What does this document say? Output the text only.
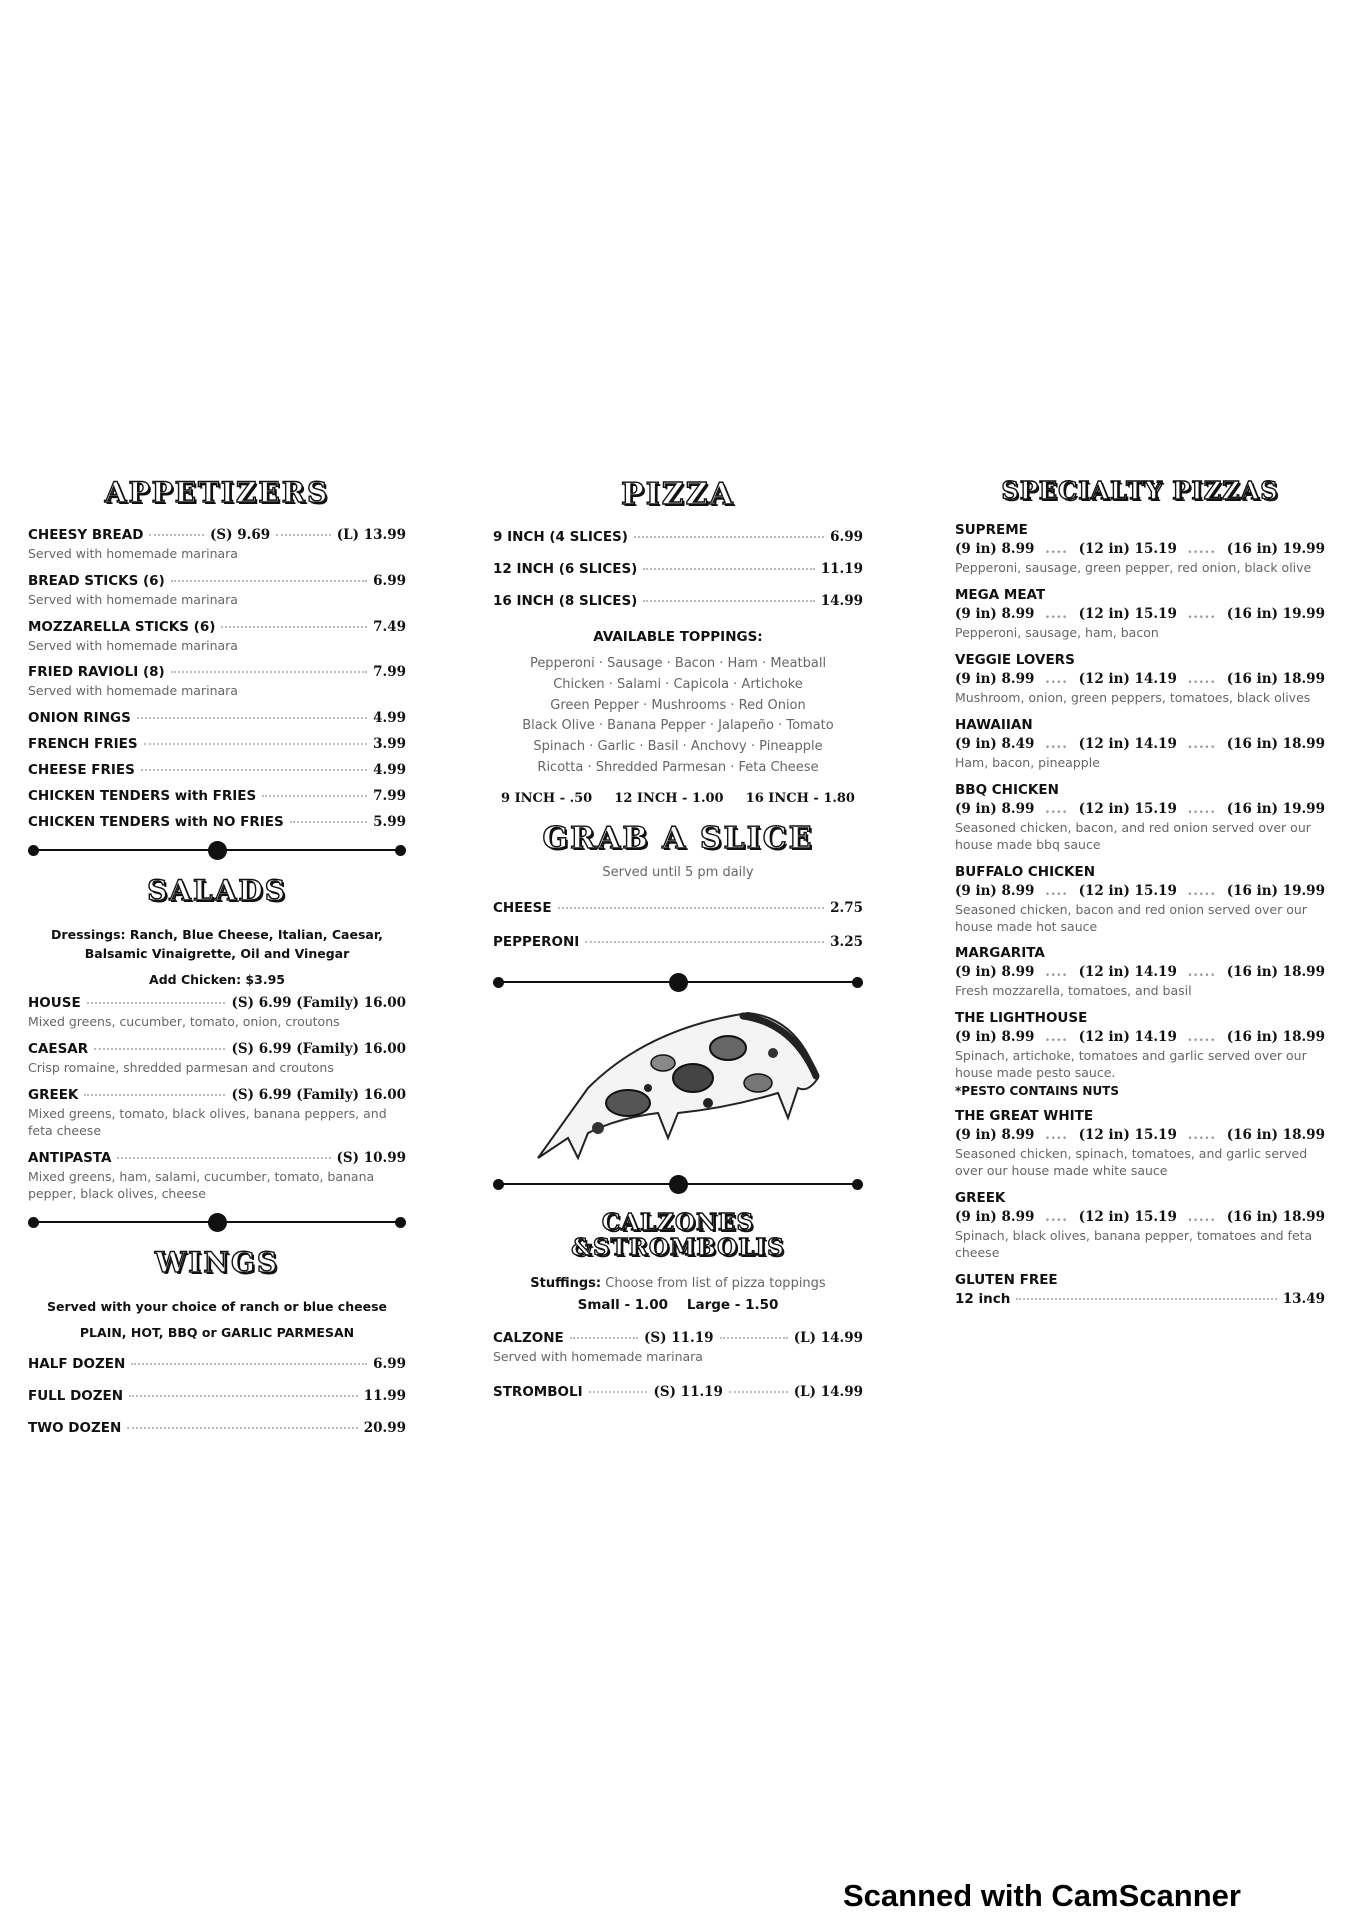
APPETIZERS
CHEESY BREAD	(S) 9.69	(L) 13.99
Served with homemade marinara
BREAD STICKS (6)	6.99
Served with homemade marinara
MOZZARELLA STICKS (6)	7.49
Served with homemade marinara
FRIED RAVIOLI (8)	7.99
Served with homemade marinara
ONION RINGS	4.99
FRENCH FRIES	3.99
CHEESE FRIES	4.99
CHICKEN TENDERS with FRIES	7.99
CHICKEN TENDERS with NO FRIES	5.99
SALADS
Dressings: Ranch, Blue Cheese, Italian, Caesar, Balsamic Vinaigrette, Oil and Vinegar
Add Chicken: $3.95
HOUSE	(S) 6.99 (Family) 16.00
Mixed greens, cucumber, tomato, onion, croutons
CAESAR	(S) 6.99 (Family) 16.00
Crisp romaine, shredded parmesan and croutons
GREEK	(S) 6.99 (Family) 16.00
Mixed greens, tomato, black olives, banana peppers, and feta cheese
ANTIPASTA	(S) 10.99
Mixed greens, ham, salami, cucumber, tomato, banana pepper, black olives, cheese
WINGS
Served with your choice of ranch or blue cheese
PLAIN, HOT, BBQ or GARLIC PARMESAN
HALF DOZEN	6.99
FULL DOZEN	11.99
TWO DOZEN	20.99
PIZZA
9 INCH (4 SLICES)	6.99
12 INCH (6 SLICES)	11.19
16 INCH (8 SLICES)	14.99
AVAILABLE TOPPINGS:
Pepperoni · Sausage · Bacon · Ham · Meatball
Chicken · Salami · Capicola · Artichoke
Green Pepper · Mushrooms · Red Onion
Black Olive · Banana Pepper · Jalapeño · Tomato
Spinach · Garlic · Basil · Anchovy · Pineapple
Ricotta · Shredded Parmesan · Feta Cheese
9 INCH - .50 12 INCH - 1.00 16 INCH - 1.80
GRAB A SLICE
Served until 5 pm daily
CHEESE	2.75
PEPPERONI	3.25
CALZONES
&STROMBOLIS
Stuffings: Choose from list of pizza toppings
Small - 1.00    Large - 1.50
CALZONE	(S) 11.19	(L) 14.99
Served with homemade marinara
STROMBOLI	(S) 11.19	(L) 14.99
SPECIALTY PIZZAS
SUPREME
(9 in) 8.99 .... (12 in) 15.19 ..... (16 in) 19.99
Pepperoni, sausage, green pepper, red onion, black olive
MEGA MEAT
(9 in) 8.99 .... (12 in) 15.19 ..... (16 in) 19.99
Pepperoni, sausage, ham, bacon
VEGGIE LOVERS
(9 in) 8.99 .... (12 in) 14.19 ..... (16 in) 18.99
Mushroom, onion, green peppers, tomatoes, black olives
HAWAIIAN
(9 in) 8.49 .... (12 in) 14.19 ..... (16 in) 18.99
Ham, bacon, pineapple
BBQ CHICKEN
(9 in) 8.99 .... (12 in) 15.19 ..... (16 in) 19.99
Seasoned chicken, bacon, and red onion served over our house made bbq sauce
BUFFALO CHICKEN
(9 in) 8.99 .... (12 in) 15.19 ..... (16 in) 19.99
Seasoned chicken, bacon and red onion served over our house made hot sauce
MARGARITA
(9 in) 8.99 .... (12 in) 14.19 ..... (16 in) 18.99
Fresh mozzarella, tomatoes, and basil
THE LIGHTHOUSE
(9 in) 8.99 .... (12 in) 14.19 ..... (16 in) 18.99
Spinach, artichoke, tomatoes and garlic served over our house made pesto sauce.
*PESTO CONTAINS NUTS
THE GREAT WHITE
(9 in) 8.99 .... (12 in) 15.19 ..... (16 in) 18.99
Seasoned chicken, spinach, tomatoes, and garlic served over our house made white sauce
GREEK
(9 in) 8.99 .... (12 in) 15.19 ..... (16 in) 18.99
Spinach, black olives, banana pepper, tomatoes and feta cheese
GLUTEN FREE
12 inch	13.49
Scanned with CamScanner
